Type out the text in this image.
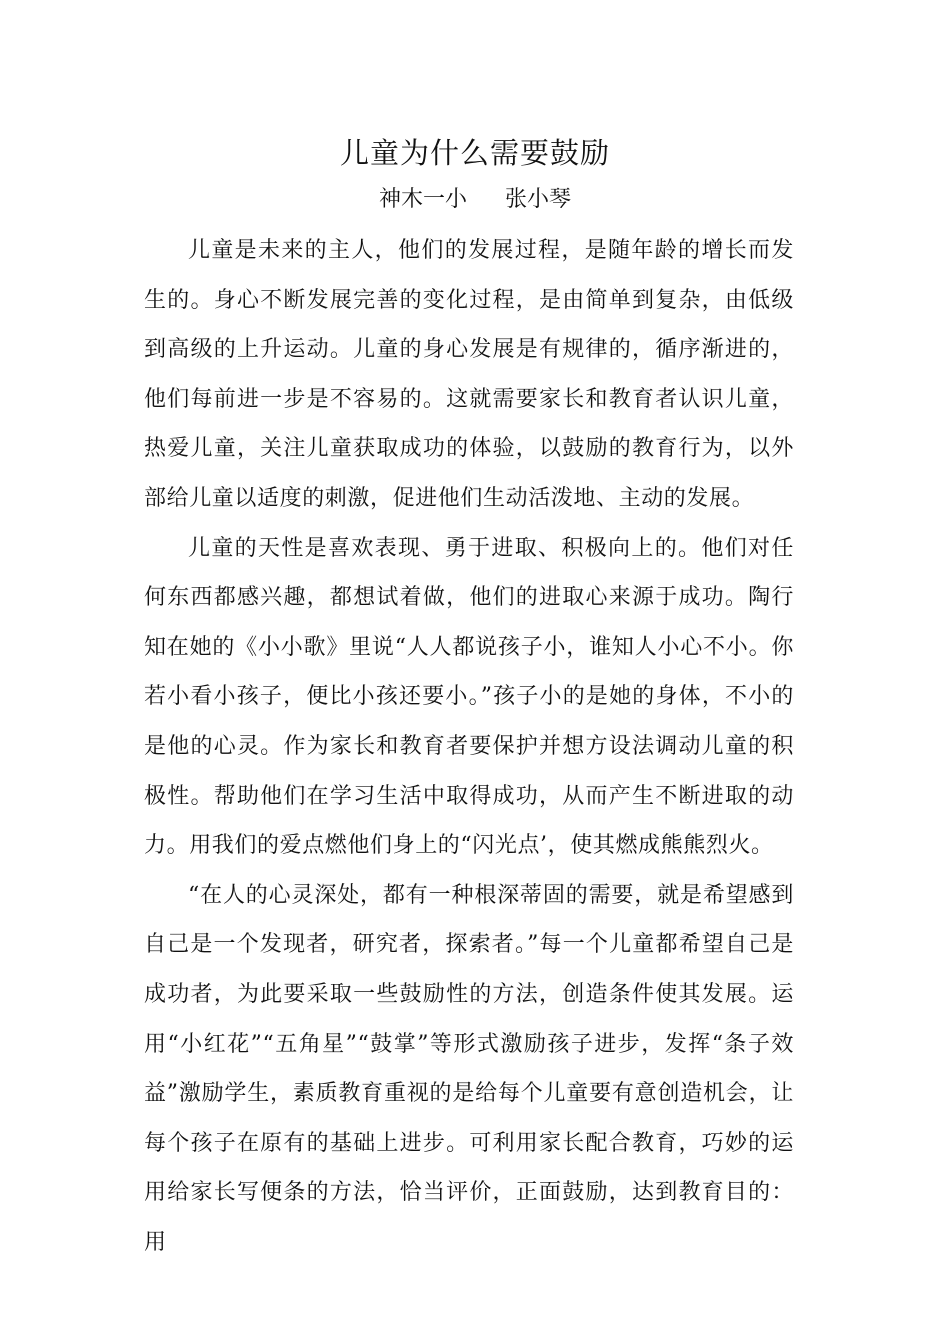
儿童为什么需要鼓励
神木一小 张小琴

儿童是未来的主人，他们的发展过程，是随年龄的增长而发生的。身心不断发展完善的变化过程，是由简单到复杂，由低级到高级的上升运动。儿童的身心发展是有规律的，循序渐进的，他们每前进一步是不容易的。这就需要家长和教育者认识儿童，热爱儿童，关注儿童获取成功的体验，以鼓励的教育行为，以外部给儿童以适度的刺激，促进他们生动活泼地、主动的发展。

儿童的天性是喜欢表现、勇于进取、积极向上的。他们对任何东西都感兴趣，都想试着做，他们的进取心来源于成功。陶行知在她的《小小歌》里说“人人都说孩子小，谁知人小心不小。你若小看小孩子，便比小孩还要小。”孩子小的是她的身体，不小的是他的心灵。作为家长和教育者要保护并想方设法调动儿童的积极性。帮助他们在学习生活中取得成功，从而产生不断进取的动力。用我们的爱点燃他们身上的“闪光点’，使其燃成熊熊烈火。

“在人的心灵深处，都有一种根深蒂固的需要，就是希望感到自己是一个发现者，研究者，探索者。”每一个儿童都希望自己是成功者，为此要采取一些鼓励性的方法，创造条件使其发展。运用“小红花”“五角星”“鼓掌”等形式激励孩子进步，发挥“条子效益”激励学生，素质教育重视的是给每个儿童要有意创造机会，让每个孩子在原有的基础上进步。可利用家长配合教育，巧妙的运用给家长写便条的方法，恰当评价，正面鼓励，达到教育目的：用
